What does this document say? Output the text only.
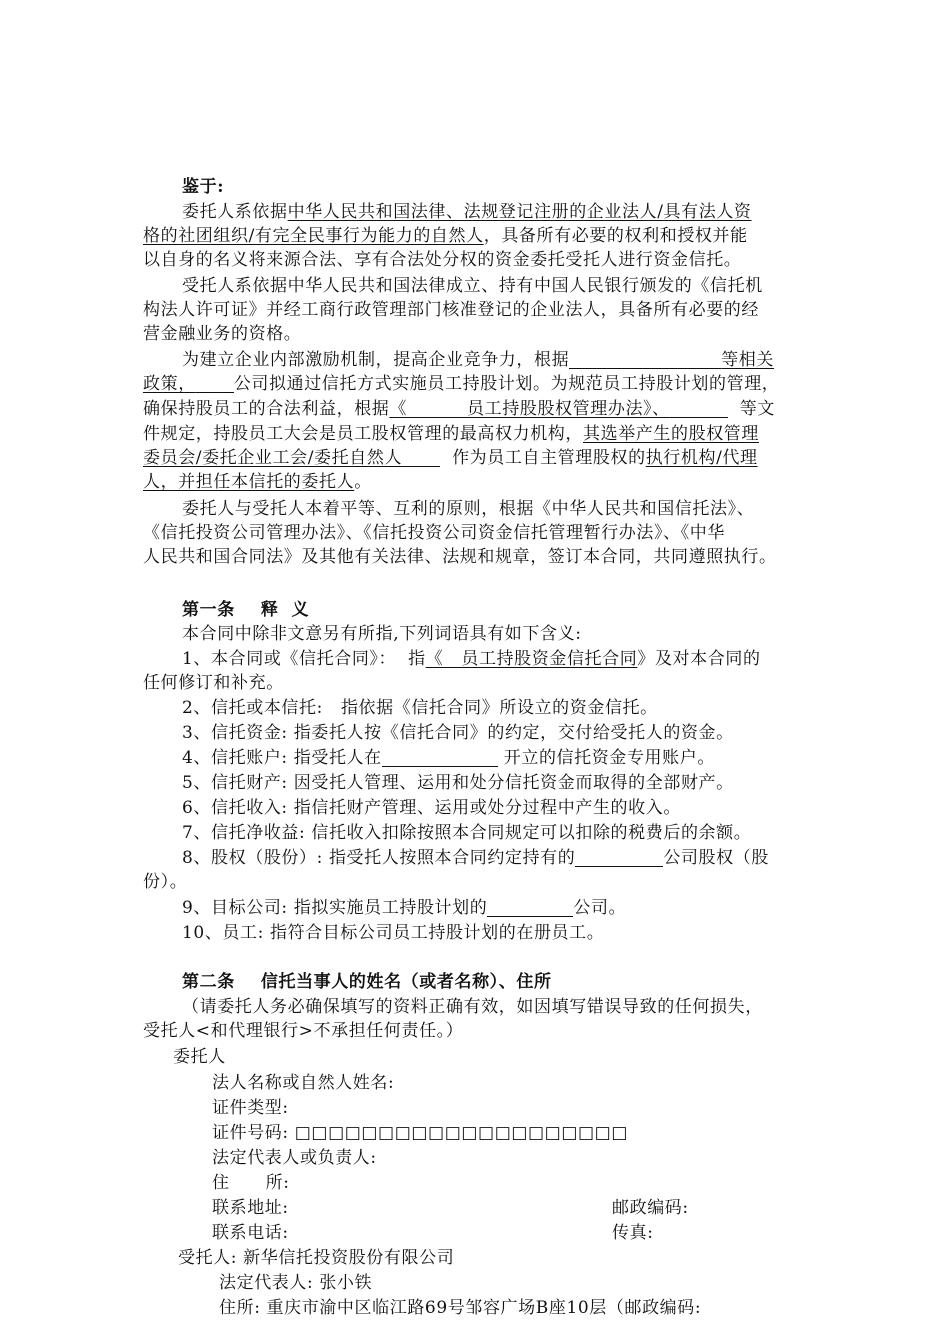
鉴于:
委托人系依据中华人民共和国法律、法规登记注册的企业法人/具有法人资
格的社团组织/有完全民事行为能力的自然人，具备所有必要的权利和授权并能
以自身的名义将来源合法、享有合法处分权的资金委托受托人进行资金信托。
受托人系依据中华人民共和国法律成立、持有中国人民银行颁发的《信托机
构法人许可证》并经工商行政管理部门核准登记的企业法人，具备所有必要的经
营金融业务的资格。
为建立企业内部激励机制，提高企业竞争力，根据	等相关
政策， 公司拟通过信托方式实施员工持股计划。为规范员工持股计划的管理，
确保持股员工的合法利益，根据《          员工持股股权管理办法》、	等文
件规定，持股员工大会是员工股权管理的最高权力机构，其选举产生的股权管理
委员会/委托企业工会/委托自然人	作为员工自主管理股权的执行机构/代理
人，并担任本信托的委托人。
委托人与受托人本着平等、互利的原则，根据《中华人民共和国信托法》、
《信托投资公司管理办法》、《信托投资公司资金信托管理暂行办法》、《中华
人民共和国合同法》及其他有关法律、法规和规章，签订本合同，共同遵照执行。
第一条    释  义
本合同中除非文意另有所指,下列词语具有如下含义:
1、本合同或《信托合同》：  指《   员工持股资金信托合同》及对本合同的
任何修订和补充。
2、信托或本信托:   指依据《信托合同》所设立的资金信托。
3、信托资金: 指委托人按《信托合同》的约定，交付给受托人的资金。
4、信托账户: 指受托人在	开立的信托资金专用账户。
5、信托财产: 因受托人管理、运用和处分信托资金而取得的全部财产。
6、信托收入: 指信托财产管理、运用或处分过程中产生的收入。
7、信托净收益: 信托收入扣除按照本合同规定可以扣除的税费后的余额。
8、股权（股份）: 指受托人按照本合同约定持有的	公司股权（股
份）。
9、目标公司: 指拟实施员工持股计划的	公司。
10、员工: 指符合目标公司员工持股计划的在册员工。
第二条    信托当事人的姓名（或者名称）、住所
（请委托人务必确保填写的资料正确有效，如因填写错误导致的任何损失，
受托人<和代理银行>不承担任何责任。）
委托人
法人名称或自然人姓名:
证件类型:
证件号码: □□□□□□□□□□□□□□□□□□□□
法定代表人或负责人:
住      所:
联系地址:	邮政编码:
联系电话:	传真:
受托人: 新华信托投资股份有限公司
法定代表人: 张小铁
住所: 重庆市渝中区临江路69号邹容广场B座10层（邮政编码:
